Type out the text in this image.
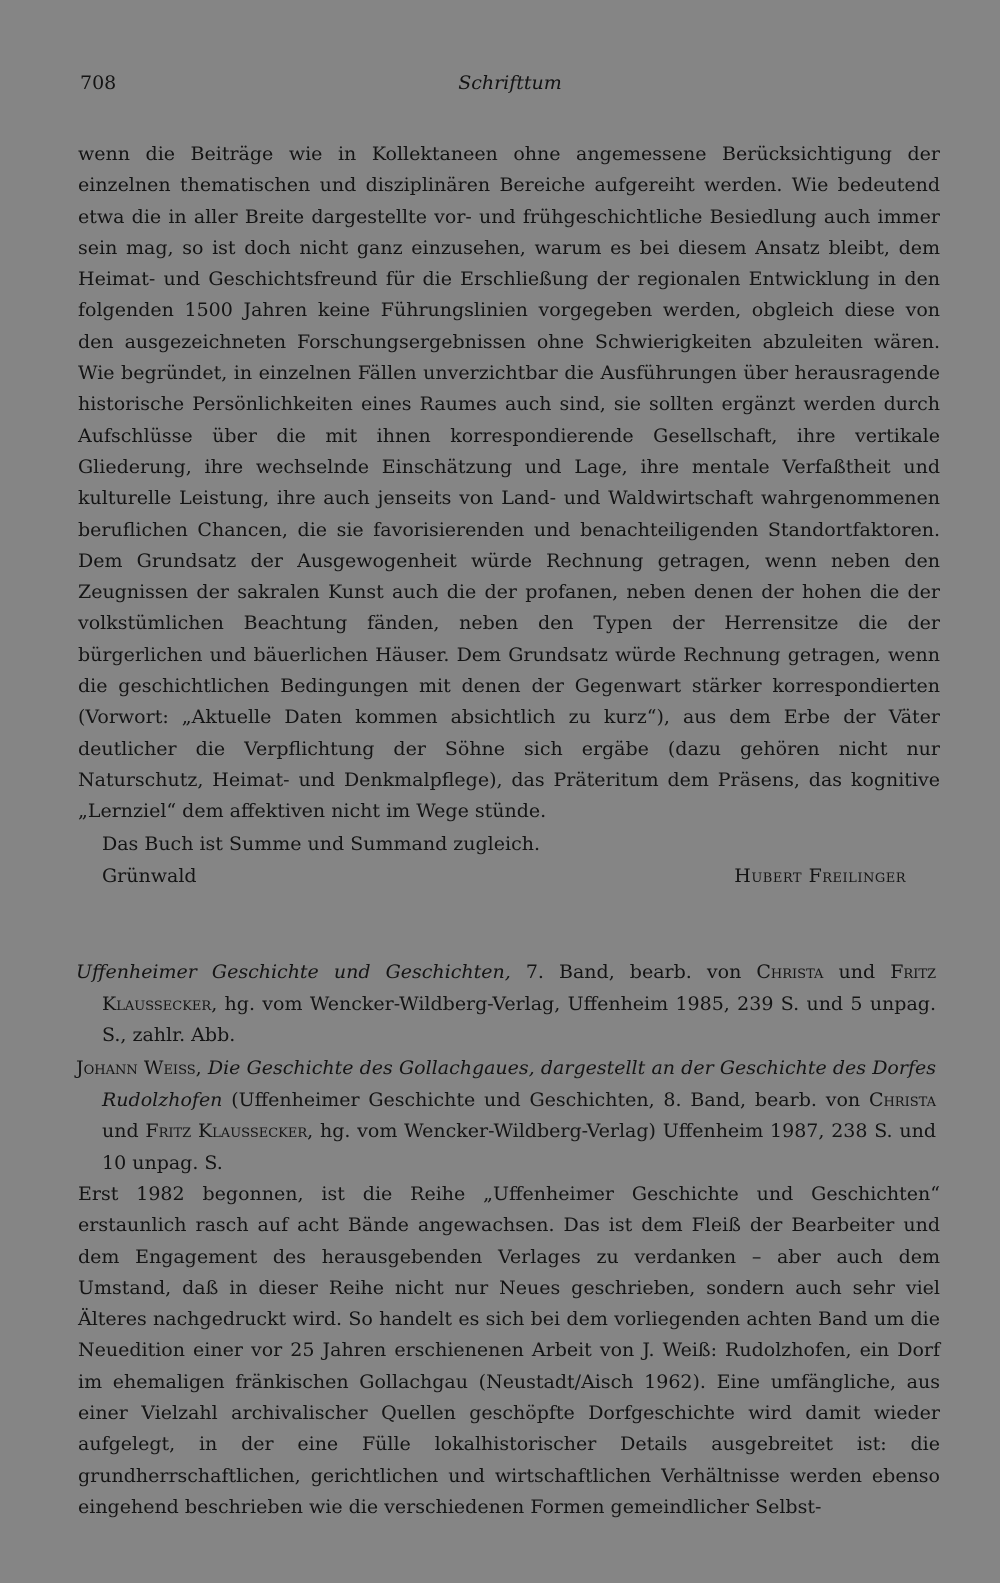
708	Schrifttum

wenn die Beiträge wie in Kollektaneen ohne angemessene Berücksichtigung der einzelnen thematischen und disziplinären Bereiche aufgereiht werden. Wie bedeutend etwa die in aller Breite dargestellte vor- und frühgeschichtliche Besiedlung auch immer sein mag, so ist doch nicht ganz einzusehen, warum es bei diesem Ansatz bleibt, dem Heimat- und Geschichtsfreund für die Erschließung der regionalen Entwicklung in den folgenden 1500 Jahren keine Führungslinien vorgegeben werden, obgleich diese von den ausgezeichneten Forschungsergebnissen ohne Schwierigkeiten abzuleiten wären. Wie begründet, in einzelnen Fällen unverzichtbar die Ausführungen über herausragende historische Persönlichkeiten eines Raumes auch sind, sie sollten ergänzt werden durch Aufschlüsse über die mit ihnen korrespondierende Gesellschaft, ihre vertikale Gliederung, ihre wechselnde Einschätzung und Lage, ihre mentale Verfaßtheit und kulturelle Leistung, ihre auch jenseits von Land- und Waldwirtschaft wahrgenommenen beruflichen Chancen, die sie favorisierenden und benachteiligenden Standortfaktoren. Dem Grundsatz der Ausgewogenheit würde Rechnung getragen, wenn neben den Zeugnissen der sakralen Kunst auch die der profanen, neben denen der hohen die der volkstümlichen Beachtung fänden, neben den Typen der Herrensitze die der bürgerlichen und bäuerlichen Häuser. Dem Grundsatz würde Rechnung getragen, wenn die geschichtlichen Bedingungen mit denen der Gegenwart stärker korrespondierten (Vorwort: „Aktuelle Daten kommen absichtlich zu kurz“), aus dem Erbe der Väter deutlicher die Verpflichtung der Söhne sich ergäbe (dazu gehören nicht nur Naturschutz, Heimat- und Denkmalpflege), das Präteritum dem Präsens, das kognitive „Lernziel“ dem affektiven nicht im Wege stünde.

Das Buch ist Summe und Summand zugleich.

Grünwald	Hubert Freilinger

Uffenheimer Geschichte und Geschichten, 7. Band, bearb. von Christa und Fritz Klaussecker, hg. vom Wencker-Wildberg-Verlag, Uffenheim 1985, 239 S. und 5 unpag. S., zahlr. Abb.

Johann Weiss, Die Geschichte des Gollachgaues, dargestellt an der Geschichte des Dorfes Rudolzhofen (Uffenheimer Geschichte und Geschichten, 8. Band, bearb. von Christa und Fritz Klaussecker, hg. vom Wencker-Wildberg-Verlag) Uffenheim 1987, 238 S. und 10 unpag. S.

Erst 1982 begonnen, ist die Reihe „Uffenheimer Geschichte und Geschichten“ erstaunlich rasch auf acht Bände angewachsen. Das ist dem Fleiß der Bearbeiter und dem Engagement des herausgebenden Verlages zu verdanken – aber auch dem Umstand, daß in dieser Reihe nicht nur Neues geschrieben, sondern auch sehr viel Älteres nachgedruckt wird. So handelt es sich bei dem vorliegenden achten Band um die Neuedition einer vor 25 Jahren erschienenen Arbeit von J. Weiß: Rudolzhofen, ein Dorf im ehemaligen fränkischen Gollachgau (Neustadt/Aisch 1962). Eine umfängliche, aus einer Vielzahl archivalischer Quellen geschöpfte Dorfgeschichte wird damit wieder aufgelegt, in der eine Fülle lokalhistorischer Details ausgebreitet ist: die grundherrschaftlichen, gerichtlichen und wirtschaftlichen Verhältnisse werden ebenso eingehend beschrieben wie die verschiedenen Formen gemeindlicher Selbst-
